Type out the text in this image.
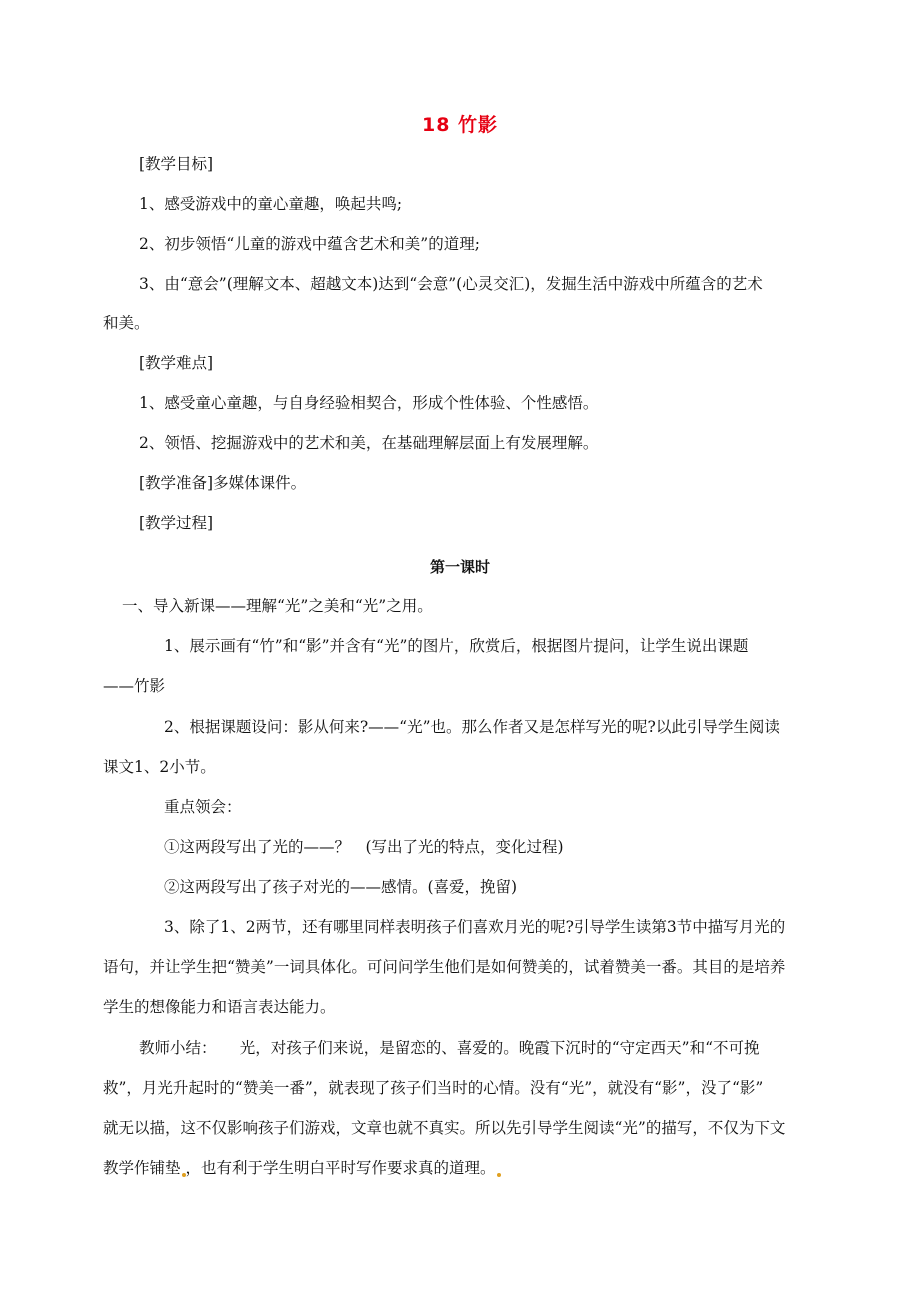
18 竹影
[教学目标]
1、感受游戏中的童心童趣，唤起共鸣;
2、初步领悟“儿童的游戏中蕴含艺术和美”的道理;
3、由“意会”(理解文本、超越文本)达到“会意”(心灵交汇)，发掘生活中游戏中所蕴含的艺术
和美。
[教学难点]
1、感受童心童趣，与自身经验相契合，形成个性体验、个性感悟。
2、领悟、挖掘游戏中的艺术和美，在基础理解层面上有发展理解。
[教学准备]多媒体课件。
[教学过程]
第一课时
一、导入新课——理解“光”之美和“光”之用。
1、展示画有“竹”和“影”并含有“光”的图片，欣赏后，根据图片提问，让学生说出课题
——竹影
2、根据课题设问：影从何来?——“光”也。那么作者又是怎样写光的呢?以此引导学生阅读
课文1、2小节。
重点领会：
①这两段写出了光的——？　(写出了光的特点，变化过程)
②这两段写出了孩子对光的——感情。(喜爱，挽留)
3、除了1、2两节，还有哪里同样表明孩子们喜欢月光的呢?引导学生读第3节中描写月光的
语句，并让学生把“赞美”一词具体化。可问问学生他们是如何赞美的，试着赞美一番。其目的是培养
学生的想像能力和语言表达能力。
教师小结：　　光，对孩子们来说，是留恋的、喜爱的。晚霞下沉时的“守定西天”和“不可挽
救”，月光升起时的“赞美一番”，就表现了孩子们当时的心情。没有“光”，就没有“影”，没了“影”
就无以描，这不仅影响孩子们游戏，文章也就不真实。所以先引导学生阅读“光”的描写，不仅为下文
教学作铺垫 ，也有利于学生明白平时写作要求真的道理。
